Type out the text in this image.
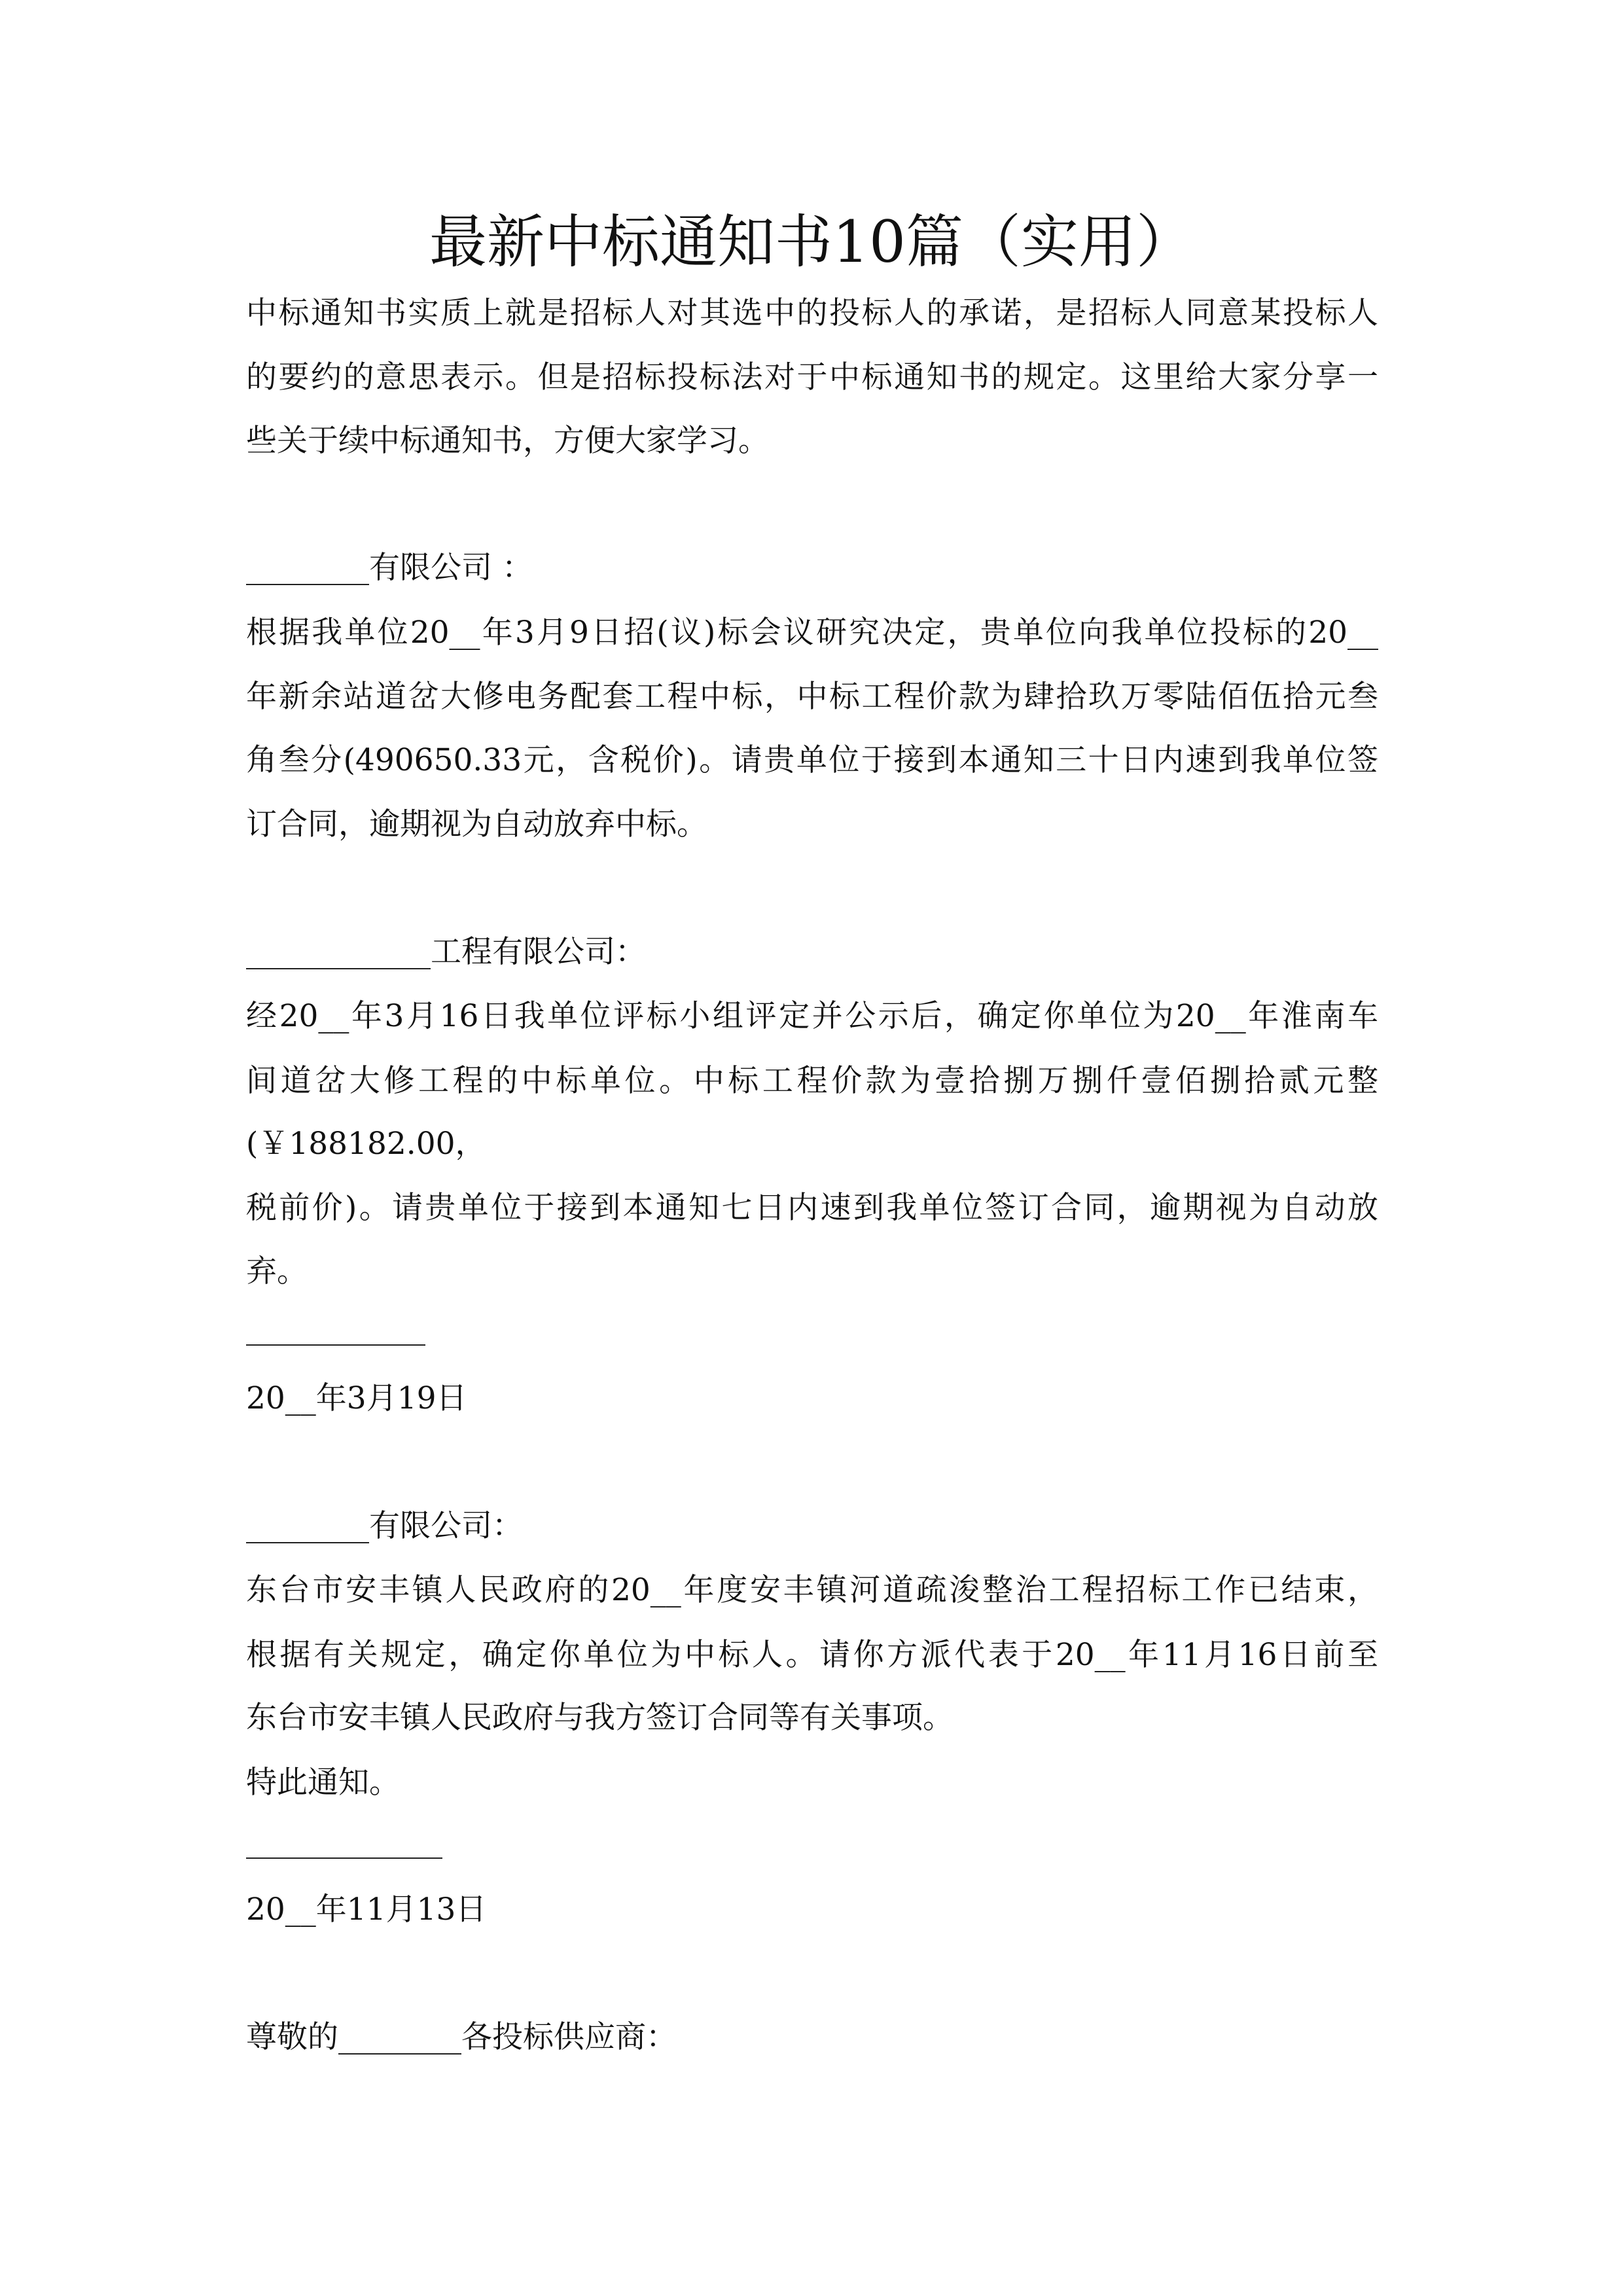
最新中标通知书10篇（实用）
中标通知书实质上就是招标人对其选中的投标人的承诺，是招标人同意某投标人
的要约的意思表示。但是招标投标法对于中标通知书的规定。这里给大家分享一
些关于续中标通知书，方便大家学习。
________有限公司 ：
根据我单位20__年3月9日招(议)标会议研究决定，贵单位向我单位投标的20__
年新余站道岔大修电务配套工程中标，中标工程价款为肆拾玖万零陆佰伍拾元叁
角叁分(490650.33元，含税价)。请贵单位于接到本通知三十日内速到我单位签
订合同，逾期视为自动放弃中标。
____________工程有限公司：
经20__年3月16日我单位评标小组评定并公示后，确定你单位为20__年淮南车
间道岔大修工程的中标单位。中标工程价款为壹拾捌万捌仟壹佰捌拾贰元整
(￥188182.00，
税前价)。请贵单位于接到本通知七日内速到我单位签订合同，逾期视为自动放
弃。
20__年3月19日
________有限公司：
东台市安丰镇人民政府的20__年度安丰镇河道疏浚整治工程招标工作已结束，
根据有关规定，确定你单位为中标人。请你方派代表于20__年11月16日前至
东台市安丰镇人民政府与我方签订合同等有关事项。
特此通知。
20__年11月13日
尊敬的________各投标供应商：
